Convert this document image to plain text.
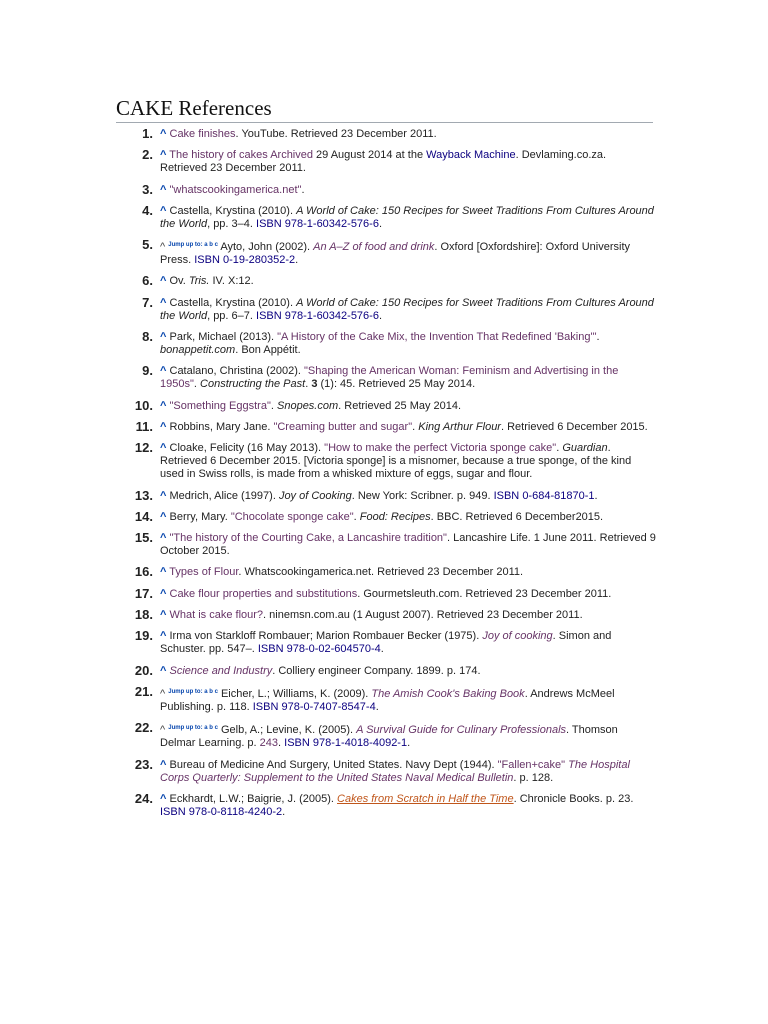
CAKE References
1. ^ Cake finishes. YouTube. Retrieved 23 December 2011.
2. ^ The history of cakes Archived 29 August 2014 at the Wayback Machine. Devlaming.co.za. Retrieved 23 December 2011.
3. ^ "whatscookingamerica.net".
4. ^ Castella, Krystina (2010). A World of Cake: 150 Recipes for Sweet Traditions From Cultures Around the World, pp. 3–4. ISBN 978-1-60342-576-6.
5. ^ $^{Jump up to:}$ $^{a b c}$ Ayto, John (2002). An A–Z of food and drink. Oxford [Oxfordshire]: Oxford University Press. ISBN 0-19-280352-2.
6. ^ Ov. Tris. IV. X:12.
7. ^ Castella, Krystina (2010). A World of Cake: 150 Recipes for Sweet Traditions From Cultures Around the World, pp. 6–7. ISBN 978-1-60342-576-6.
8. ^ Park, Michael (2013). "A History of the Cake Mix, the Invention That Redefined 'Baking'". bonappetit.com. Bon Appétit.
9. ^ Catalano, Christina (2002). "Shaping the American Woman: Feminism and Advertising in the 1950s". Constructing the Past. 3 (1): 45. Retrieved 25 May 2014.
10. ^ "Something Eggstra". Snopes.com. Retrieved 25 May 2014.
11. ^ Robbins, Mary Jane. "Creaming butter and sugar". King Arthur Flour. Retrieved 6 December 2015.
12. ^ Cloake, Felicity (16 May 2013). "How to make the perfect Victoria sponge cake". Guardian. Retrieved 6 December 2015. [Victoria sponge] is a misnomer, because a true sponge, of the kind used in Swiss rolls, is made from a whisked mixture of eggs, sugar and flour.
13. ^ Medrich, Alice (1997). Joy of Cooking. New York: Scribner. p. 949. ISBN 0-684-81870-1.
14. ^ Berry, Mary. "Chocolate sponge cake". Food: Recipes. BBC. Retrieved 6 December2015.
15. ^ "The history of the Courting Cake, a Lancashire tradition". Lancashire Life. 1 June 2011. Retrieved 9 October 2015.
16. ^ Types of Flour. Whatscookingamerica.net. Retrieved 23 December 2011.
17. ^ Cake flour properties and substitutions. Gourmetsleuth.com. Retrieved 23 December 2011.
18. ^ What is cake flour?. ninemsn.com.au (1 August 2007). Retrieved 23 December 2011.
19. ^ Irma von Starkloff Rombauer; Marion Rombauer Becker (1975). Joy of cooking. Simon and Schuster. pp. 547–. ISBN 978-0-02-604570-4.
20. ^ Science and Industry. Colliery engineer Company. 1899. p. 174.
21. ^ $^{Jump up to:}$ $^{a b c}$ Eicher, L.; Williams, K. (2009). The Amish Cook's Baking Book. Andrews McMeel Publishing. p. 118. ISBN 978-0-7407-8547-4.
22. ^ $^{Jump up to:}$ $^{a b c}$ Gelb, A.; Levine, K. (2005). A Survival Guide for Culinary Professionals. Thomson Delmar Learning. p. 243. ISBN 978-1-4018-4092-1.
23. ^ Bureau of Medicine And Surgery, United States. Navy Dept (1944). "Fallen+cake" The Hospital Corps Quarterly: Supplement to the United States Naval Medical Bulletin. p. 128.
24. ^ Eckhardt, L.W.; Baigrie, J. (2005). Cakes from Scratch in Half the Time. Chronicle Books. p. 23. ISBN 978-0-8118-4240-2.
